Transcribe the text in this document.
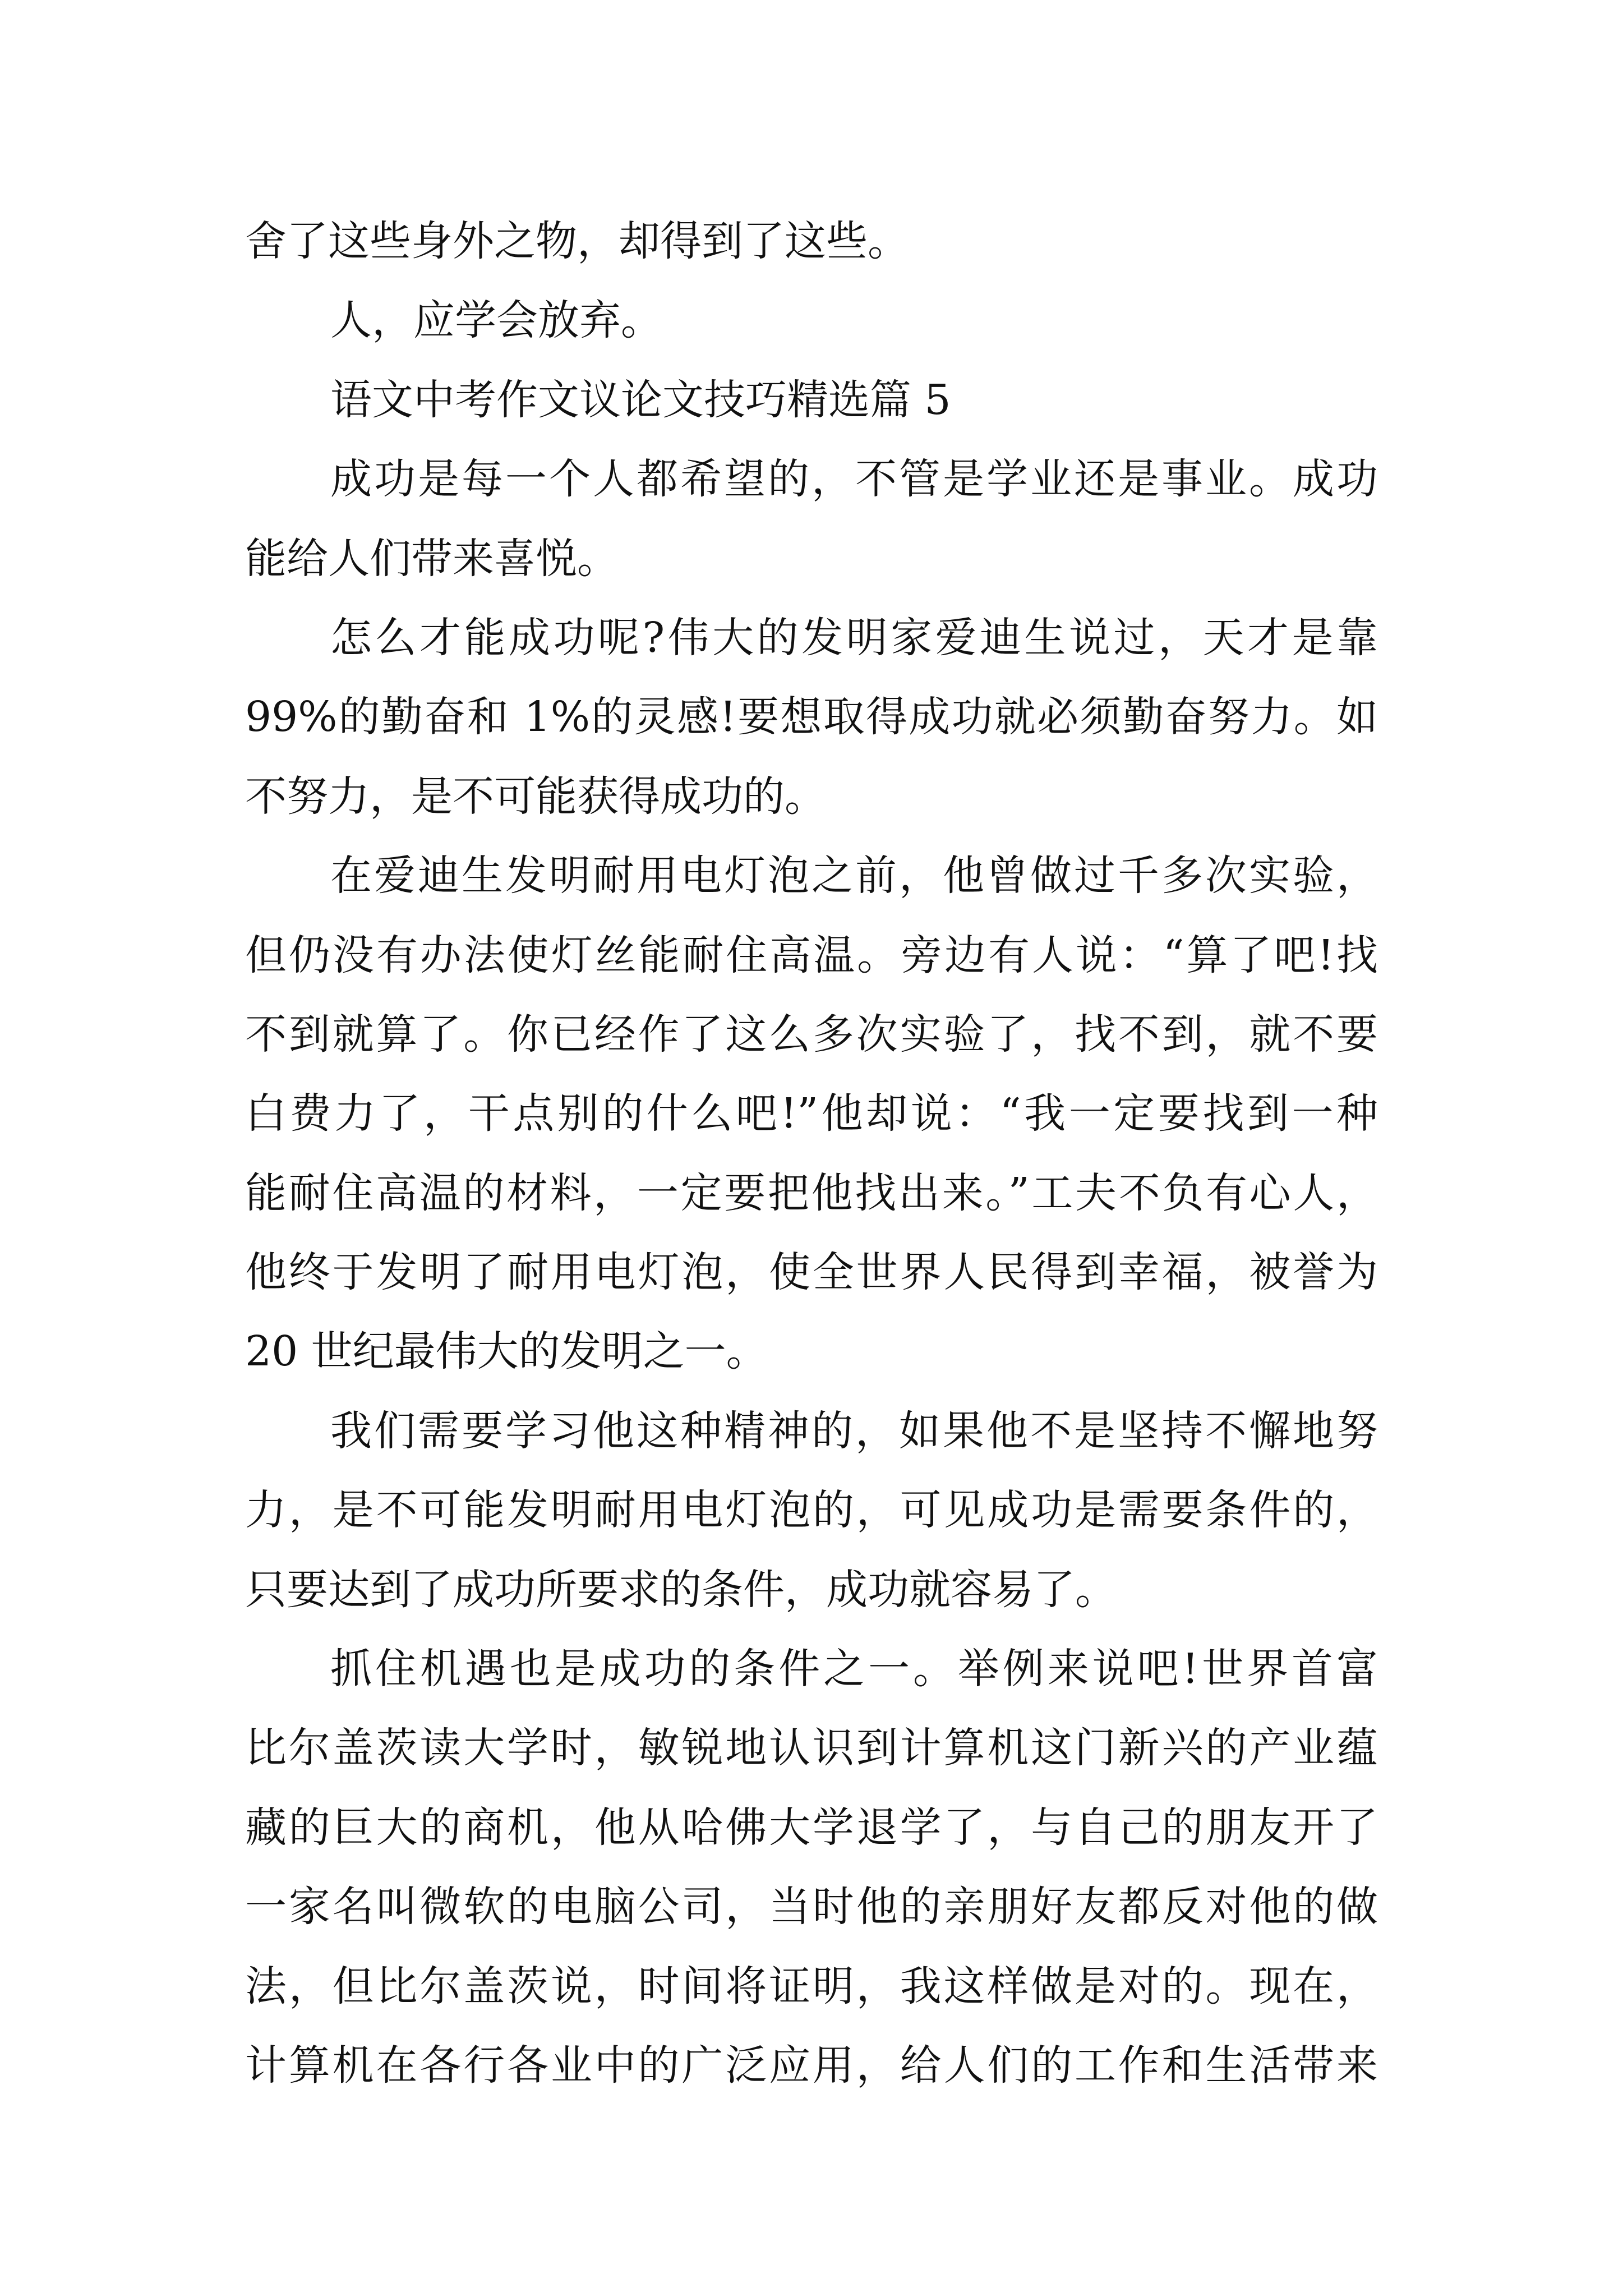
舍了这些身外之物，却得到了这些。
人，应学会放弃。
语文中考作文议论文技巧精选篇 5
成功是每一个人都希望的，不管是学业还是事业。成功
能给人们带来喜悦。
怎么才能成功呢?伟大的发明家爱迪生说过，天才是靠
99%的勤奋和 1%的灵感!要想取得成功就必须勤奋努力。如
不努力，是不可能获得成功的。
在爱迪生发明耐用电灯泡之前，他曾做过千多次实验，
但仍没有办法使灯丝能耐住高温。旁边有人说：“算了吧!找
不到就算了。你已经作了这么多次实验了，找不到，就不要
白费力了，干点别的什么吧!”他却说：“我一定要找到一种
能耐住高温的材料，一定要把他找出来。”工夫不负有心人，
他终于发明了耐用电灯泡，使全世界人民得到幸福，被誉为
20 世纪最伟大的发明之一。
我们需要学习他这种精神的，如果他不是坚持不懈地努
力，是不可能发明耐用电灯泡的，可见成功是需要条件的，
只要达到了成功所要求的条件，成功就容易了。
抓住机遇也是成功的条件之一。举例来说吧!世界首富
比尔盖茨读大学时，敏锐地认识到计算机这门新兴的产业蕴
藏的巨大的商机，他从哈佛大学退学了，与自己的朋友开了
一家名叫微软的电脑公司，当时他的亲朋好友都反对他的做
法，但比尔盖茨说，时间将证明，我这样做是对的。现在，
计算机在各行各业中的广泛应用，给人们的工作和生活带来
